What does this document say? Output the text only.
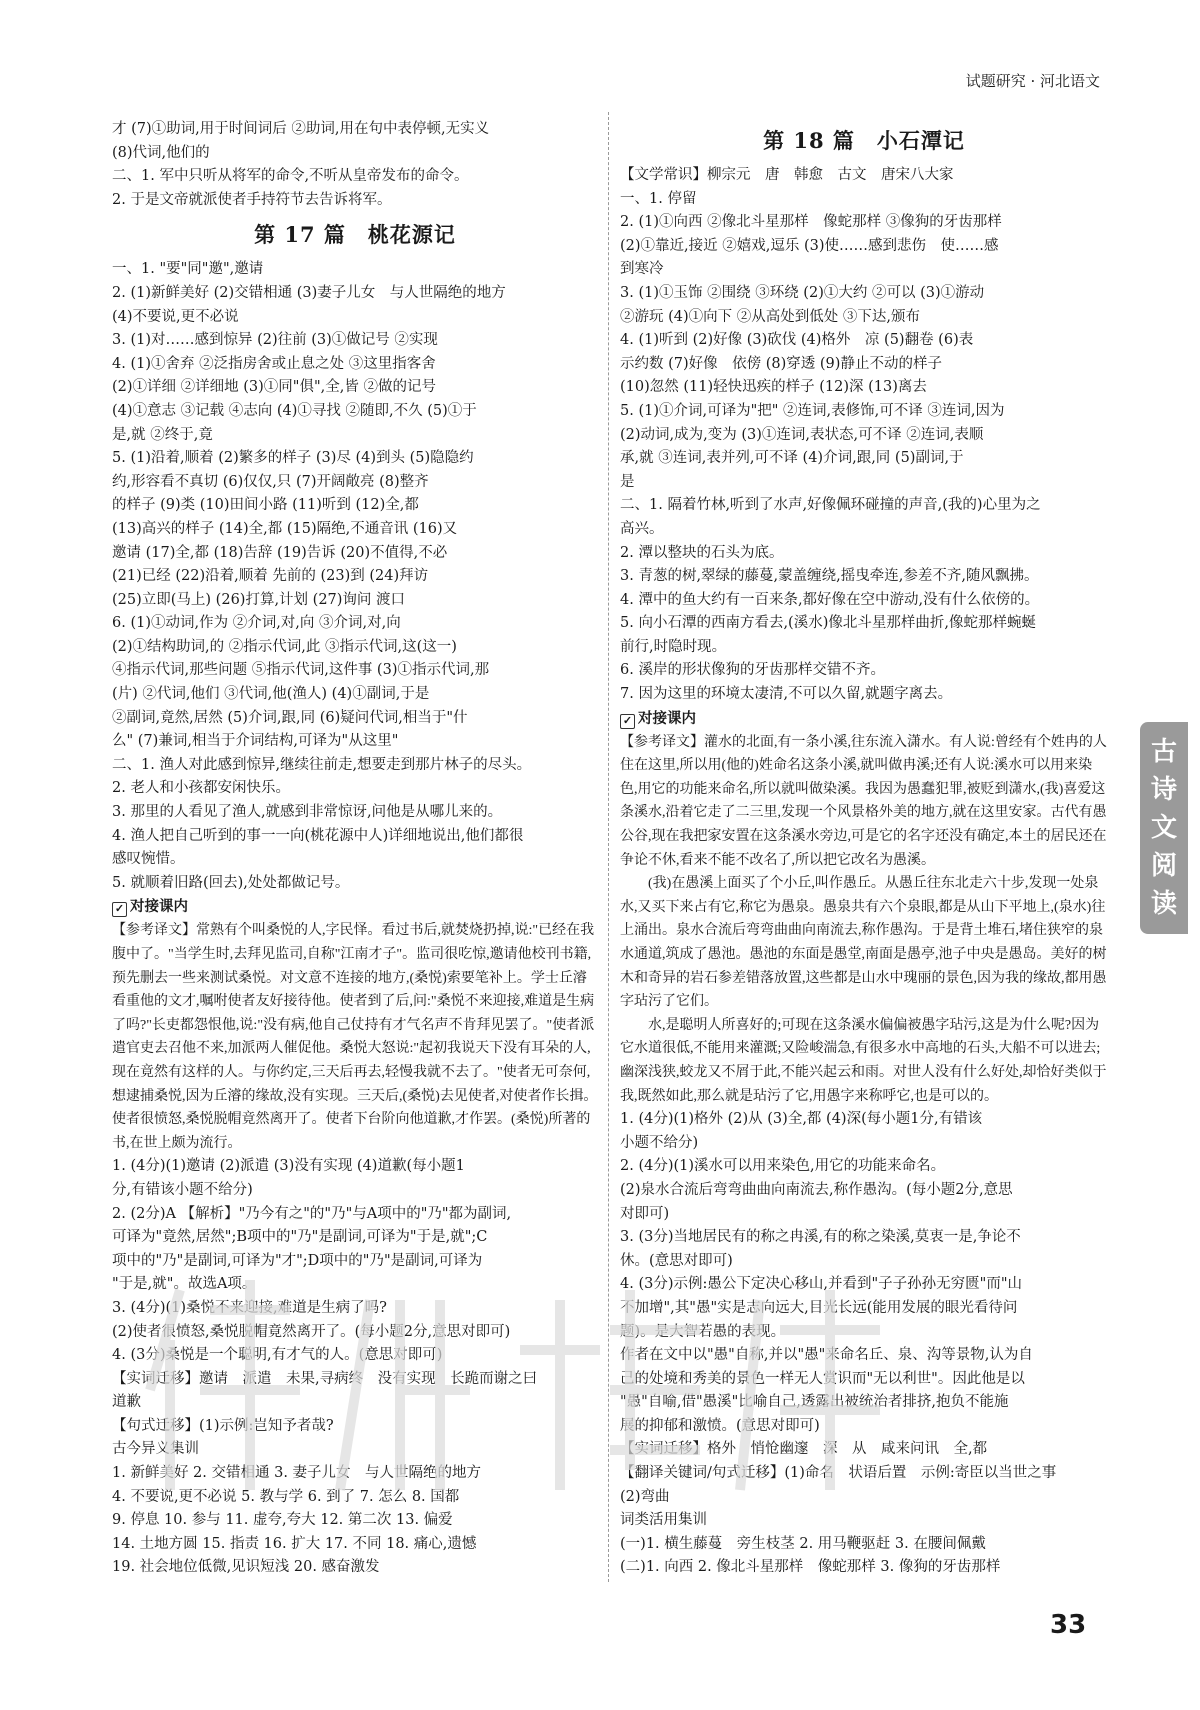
试题研究 · 河北语文
才 (7)①助词,用于时间词后 ②助词,用在句中表停顿,无实义
(8)代词,他们的
二、1. 军中只听从将军的命令,不听从皇帝发布的命令。
2. 于是文帝就派使者手持符节去告诉将军。
第 17 篇　桃花源记
一、1. "要"同"邀",邀请
2. (1)新鲜美好 (2)交错相通 (3)妻子儿女　与人世隔绝的地方
(4)不要说,更不必说
3. (1)对……感到惊异 (2)往前 (3)①做记号 ②实现
4. (1)①舍弃 ②泛指房舍或止息之处 ③这里指客舍
(2)①详细 ②详细地 (3)①同"俱",全,皆 ②做的记号
(4)①意志 ③记载 ④志向 (4)①寻找 ②随即,不久 (5)①于
是,就 ②终于,竟
5. (1)沿着,顺着 (2)繁多的样子 (3)尽 (4)到头 (5)隐隐约
约,形容看不真切 (6)仅仅,只 (7)开阔敞亮 (8)整齐
的样子 (9)类 (10)田间小路 (11)听到 (12)全,都
(13)高兴的样子 (14)全,都 (15)隔绝,不通音讯 (16)又
邀请 (17)全,都 (18)告辞 (19)告诉 (20)不值得,不必
(21)已经 (22)沿着,顺着 先前的 (23)到 (24)拜访
(25)立即(马上) (26)打算,计划 (27)询问 渡口
6. (1)①动词,作为 ②介词,对,向 ③介词,对,向
(2)①结构助词,的 ②指示代词,此 ③指示代词,这(这一)
④指示代词,那些问题 ⑤指示代词,这件事 (3)①指示代词,那
(片) ②代词,他们 ③代词,他(渔人) (4)①副词,于是
②副词,竟然,居然 (5)介词,跟,同 (6)疑问代词,相当于"什
么" (7)兼词,相当于介词结构,可译为"从这里"
二、1. 渔人对此感到惊异,继续往前走,想要走到那片林子的尽头。
2. 老人和小孩都安闲快乐。
3. 那里的人看见了渔人,就感到非常惊讶,问他是从哪儿来的。
4. 渔人把自己听到的事一一向(桃花源中人)详细地说出,他们都很
感叹惋惜。
5. 就顺着旧路(回去),处处都做记号。
✓ 对接课内
【参考译文】常熟有个叫桑悦的人,字民怿。看过书后,就焚烧扔掉,说:"已经在我腹中了。"当学生时,去拜见监司,自称"江南才子"。监司很吃惊,邀请他校刊书籍,预先删去一些来测试桑悦。对文意不连接的地方,(桑悦)索要笔补上。学士丘濬看重他的文才,嘱咐使者友好接待他。使者到了后,问:"桑悦不来迎接,难道是生病了吗?"长吏都怨恨他,说:"没有病,他自己仗持有才气名声不肯拜见罢了。"使者派遣官吏去召他不来,加派两人催促他。桑悦大怒说:"起初我说天下没有耳朵的人,现在竟然有这样的人。与你约定,三天后再去,轻慢我就不去了。"使者无可奈何,想逮捕桑悦,因为丘濬的缘故,没有实现。三天后,(桑悦)去见使者,对使者作长揖。使者很愤怒,桑悦脱帽竟然离开了。使者下台阶向他道歉,才作罢。(桑悦)所著的书,在世上颇为流行。
1. (4分)(1)邀请 (2)派遣 (3)没有实现 (4)道歉(每小题1
分,有错该小题不给分)
2. (2分)A 【解析】"乃今有之"的"乃"与A项中的"乃"都为副词,
可译为"竟然,居然";B项中的"乃"是副词,可译为"于是,就";C
项中的"乃"是副词,可译为"才";D项中的"乃"是副词,可译为
"于是,就"。故选A项。
3. (4分)(1)桑悦不来迎接,难道是生病了吗?
(2)使者很愤怒,桑悦脱帽竟然离开了。(每小题2分,意思对即可)
4. (3分)桑悦是一个聪明,有才气的人。(意思对即可)
【实词迁移】邀请　派遣　未果,寻病终　没有实现　长跪而谢之曰
道歉
【句式迁移】(1)示例:岂知予者哉?
古今异义集训
1. 新鲜美好 2. 交错相通 3. 妻子儿女　与人世隔绝的地方
4. 不要说,更不必说 5. 教与学 6. 到了 7. 怎么 8. 国都
9. 停息 10. 参与 11. 虚夸,夸大 12. 第二次 13. 偏爱
14. 土地方圆 15. 指责 16. 扩大 17. 不同 18. 痛心,遗憾
19. 社会地位低微,见识短浅 20. 感奋激发
第 18 篇　小石潭记
【文学常识】柳宗元　唐　韩愈　古文　唐宋八大家
一、1. 停留
2. (1)①向西 ②像北斗星那样　像蛇那样 ③像狗的牙齿那样
(2)①靠近,接近 ②嬉戏,逗乐 (3)使……感到悲伤　使……感
到寒冷
3. (1)①玉饰 ②围绕 ③环绕 (2)①大约 ②可以 (3)①游动
②游玩 (4)①向下 ②从高处到低处 ③下达,颁布
4. (1)听到 (2)好像 (3)砍伐 (4)格外　凉 (5)翻卷 (6)表
示约数 (7)好像　依傍 (8)穿透 (9)静止不动的样子
(10)忽然 (11)轻快迅疾的样子 (12)深 (13)离去
5. (1)①介词,可译为"把" ②连词,表修饰,可不译 ③连词,因为
(2)动词,成为,变为 (3)①连词,表状态,可不译 ②连词,表顺
承,就 ③连词,表并列,可不译 (4)介词,跟,同 (5)副词,于
是
二、1. 隔着竹林,听到了水声,好像佩环碰撞的声音,(我的)心里为之
高兴。
2. 潭以整块的石头为底。
3. 青葱的树,翠绿的藤蔓,蒙盖缠绕,摇曳牵连,参差不齐,随风飘拂。
4. 潭中的鱼大约有一百来条,都好像在空中游动,没有什么依傍的。
5. 向小石潭的西南方看去,(溪水)像北斗星那样曲折,像蛇那样蜿蜒
前行,时隐时现。
6. 溪岸的形状像狗的牙齿那样交错不齐。
7. 因为这里的环境太凄清,不可以久留,就题字离去。
✓ 对接课内
【参考译文】灌水的北面,有一条小溪,往东流入潇水。有人说:曾经有个姓冉的人住在这里,所以用(他的)姓命名这条小溪,就叫做冉溪;还有人说:溪水可以用来染色,用它的功能来命名,所以就叫做染溪。我因为愚蠢犯罪,被贬到潇水,(我)喜爱这条溪水,沿着它走了二三里,发现一个风景格外美的地方,就在这里安家。古代有愚公谷,现在我把家安置在这条溪水旁边,可是它的名字还没有确定,本土的居民还在争论不休,看来不能不改名了,所以把它改名为愚溪。
(我)在愚溪上面买了个小丘,叫作愚丘。从愚丘往东北走六十步,发现一处泉水,又买下来占有它,称它为愚泉。愚泉共有六个泉眼,都是从山下平地上,(泉水)往上涌出。泉水合流后弯弯曲曲向南流去,称作愚沟。于是背土堆石,堵住狭窄的泉水通道,筑成了愚池。愚池的东面是愚堂,南面是愚亭,池子中央是愚岛。美好的树木和奇异的岩石参差错落放置,这些都是山水中瑰丽的景色,因为我的缘故,都用愚字玷污了它们。
水,是聪明人所喜好的;可现在这条溪水偏偏被愚字玷污,这是为什么呢?因为它水道很低,不能用来灌溉;又险峻湍急,有很多水中高地的石头,大船不可以进去;幽深浅狭,蛟龙又不屑于此,不能兴起云和雨。对世人没有什么好处,却恰好类似于我,既然如此,那么就是玷污了它,用愚字来称呼它,也是可以的。
1. (4分)(1)格外 (2)从 (3)全,都 (4)深(每小题1分,有错该
小题不给分)
2. (4分)(1)溪水可以用来染色,用它的功能来命名。
(2)泉水合流后弯弯曲曲向南流去,称作愚沟。(每小题2分,意思
对即可)
3. (3分)当地居民有的称之冉溪,有的称之染溪,莫衷一是,争论不
休。(意思对即可)
4. (3分)示例:愚公下定决心移山,并看到"子子孙孙无穷匮"而"山
不加增",其"愚"实是志向远大,目光长远(能用发展的眼光看待问
题)。是大智若愚的表现。
作者在文中以"愚"自称,并以"愚"来命名丘、泉、沟等景物,认为自
己的处境和秀美的景色一样无人赏识而"无以利世"。因此他是以
"愚"自喻,借"愚溪"比喻自己,透露出被统治者排挤,抱负不能施
展的抑郁和激愤。(意思对即可)
【实词迁移】格外　悄怆幽邃　深　从　咸来问讯　全,都
【翻译关键词/句式迁移】(1)命名　状语后置　示例:寄臣以当世之事
(2)弯曲
词类活用集训
(一)1. 横生藤蔓　旁生枝茎 2. 用马鞭驱赶 3. 在腰间佩戴
(二)1. 向西 2. 像北斗星那样　像蛇那样 3. 像狗的牙齿那样
古
诗
文
阅
读
33
